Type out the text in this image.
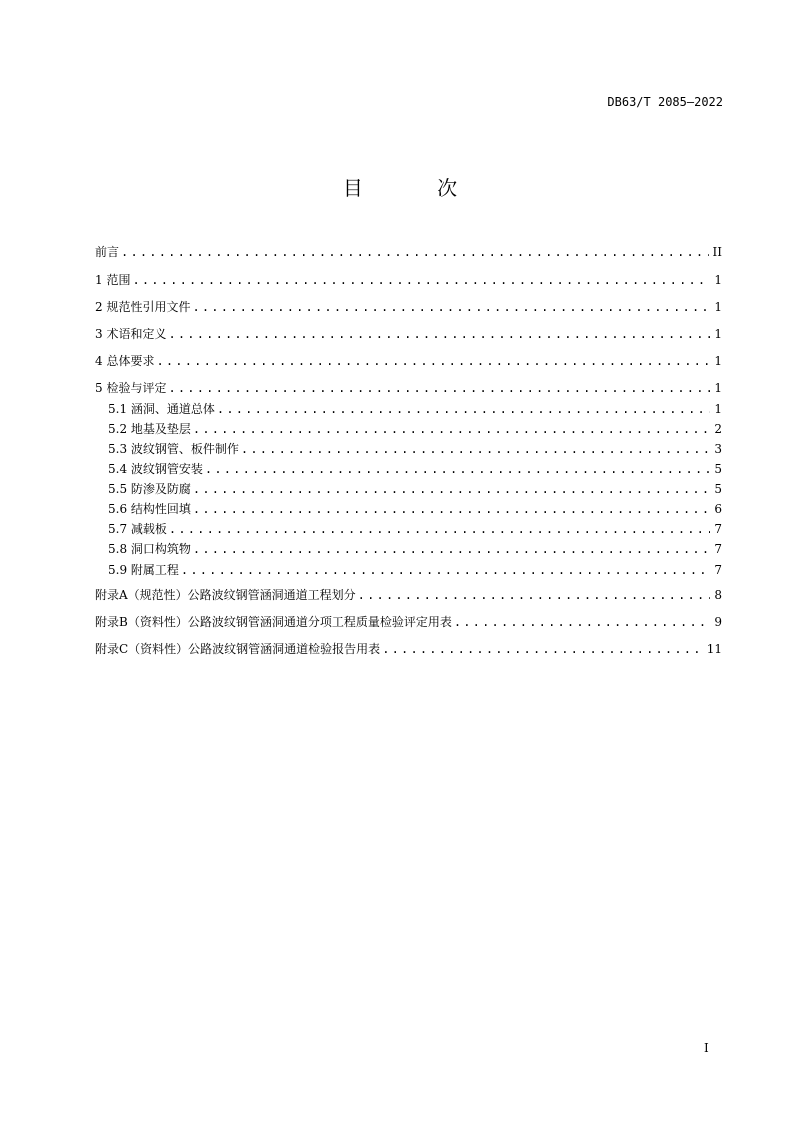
DB63/T 2085—2022
目 次
前言 .....	II
1 范围 .....	1
2 规范性引用文件 .....	1
3 术语和定义 .....	1
4 总体要求 .....	1
5 检验与评定 .....	1
5.1 涵洞、通道总体 .....	1
5.2 地基及垫层 .....	2
5.3 波纹钢管、板件制作 .....	3
5.4 波纹钢管安装 .....	5
5.5 防渗及防腐 .....	5
5.6 结构性回填 .....	6
5.7 减载板 .....	7
5.8 洞口构筑物 .....	7
5.9 附属工程 .....	7
附录A（规范性）公路波纹钢管涵洞通道工程划分 .....	8
附录B（资料性）公路波纹钢管涵洞通道分项工程质量检验评定用表 .....	9
附录C（资料性）公路波纹钢管涵洞通道检验报告用表 .....	11
I
